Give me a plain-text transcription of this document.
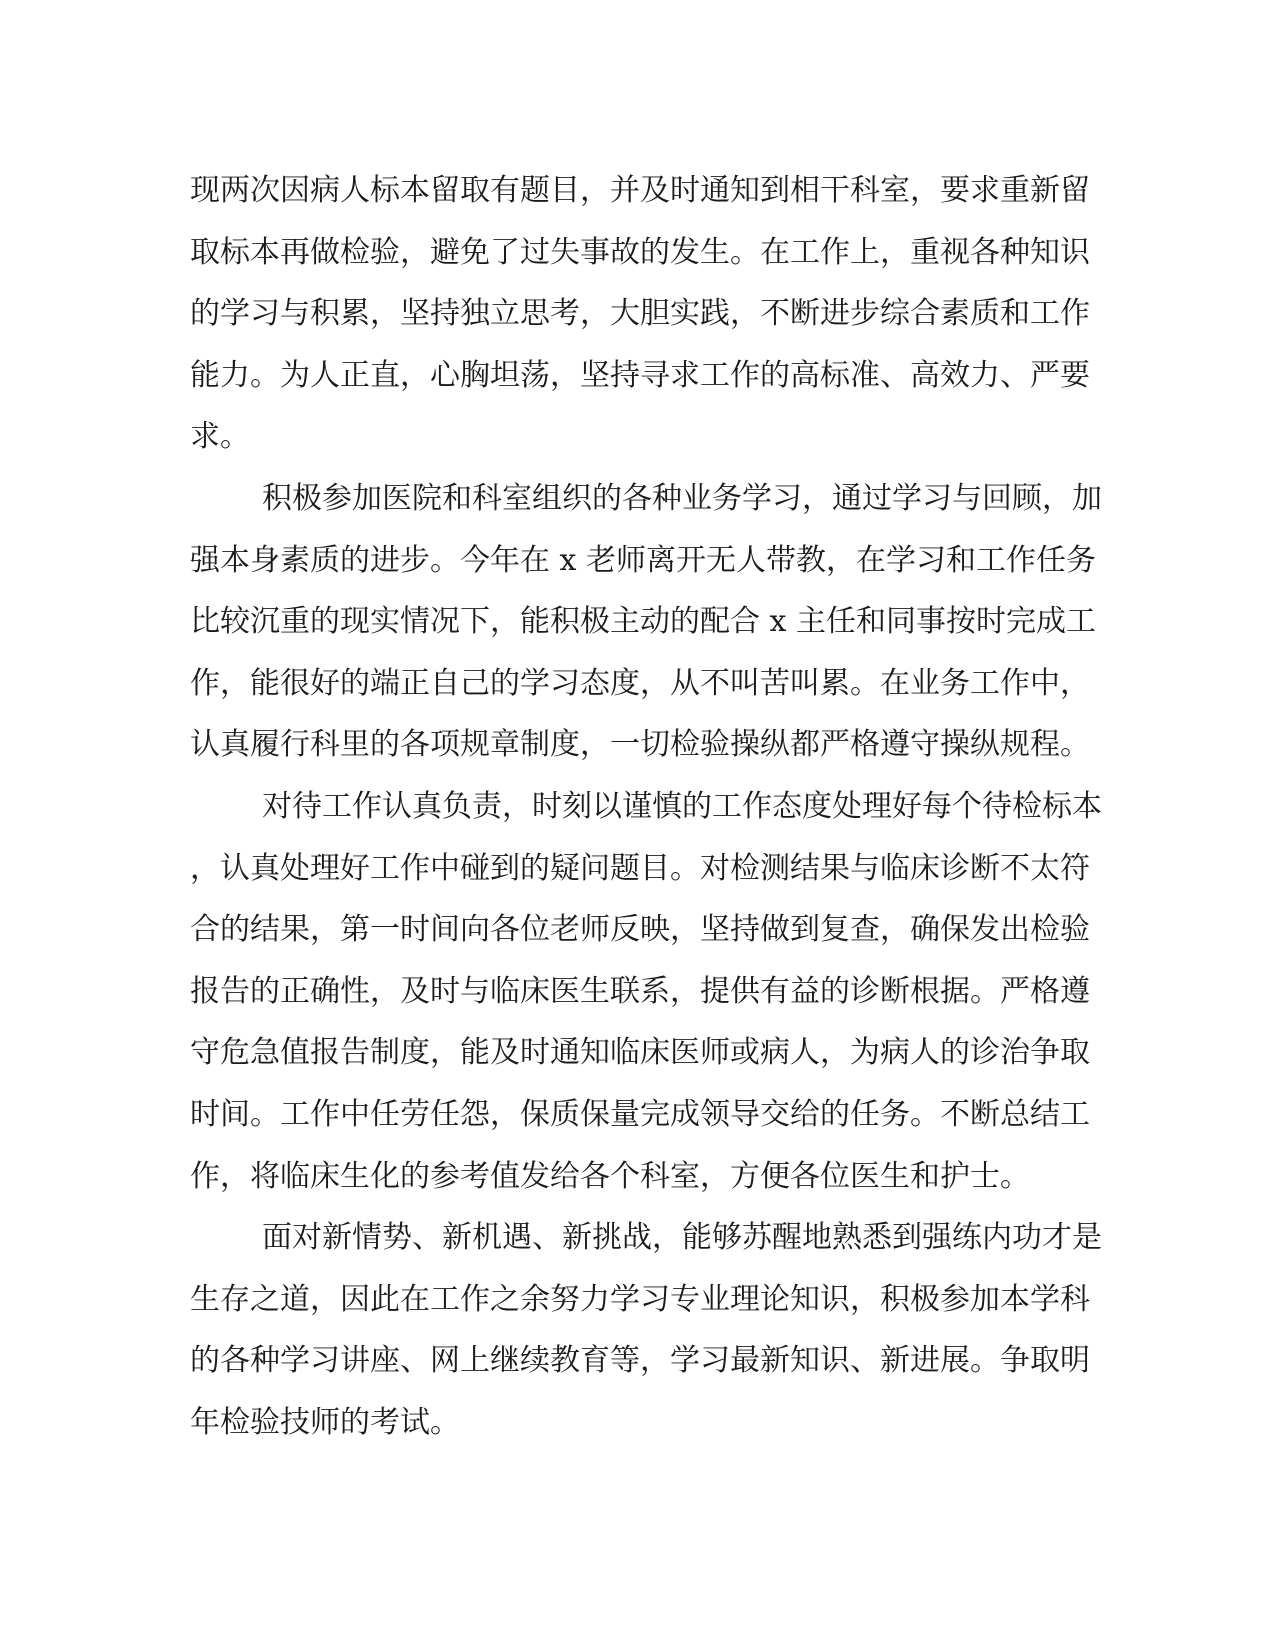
现两次因病人标本留取有题目，并及时通知到相干科室，要求重新留
取标本再做检验，避免了过失事故的发生。在工作上，重视各种知识
的学习与积累，坚持独立思考，大胆实践，不断进步综合素质和工作
能力。为人正直，心胸坦荡，坚持寻求工作的高标准、高效力、严要
求。
积极参加医院和科室组织的各种业务学习，通过学习与回顾，加
强本身素质的进步。今年在 x 老师离开无人带教，在学习和工作任务
比较沉重的现实情况下，能积极主动的配合 x 主任和同事按时完成工
作，能很好的端正自己的学习态度，从不叫苦叫累。在业务工作中，
认真履行科里的各项规章制度，一切检验操纵都严格遵守操纵规程。
对待工作认真负责，时刻以谨慎的工作态度处理好每个待检标本
，认真处理好工作中碰到的疑问题目。对检测结果与临床诊断不太符
合的结果，第一时间向各位老师反映，坚持做到复查，确保发出检验
报告的正确性，及时与临床医生联系，提供有益的诊断根据。严格遵
守危急值报告制度，能及时通知临床医师或病人，为病人的诊治争取
时间。工作中任劳任怨，保质保量完成领导交给的任务。不断总结工
作，将临床生化的参考值发给各个科室，方便各位医生和护士。
面对新情势、新机遇、新挑战，能够苏醒地熟悉到强练内功才是
生存之道，因此在工作之余努力学习专业理论知识，积极参加本学科
的各种学习讲座、网上继续教育等，学习最新知识、新进展。争取明
年检验技师的考试。
